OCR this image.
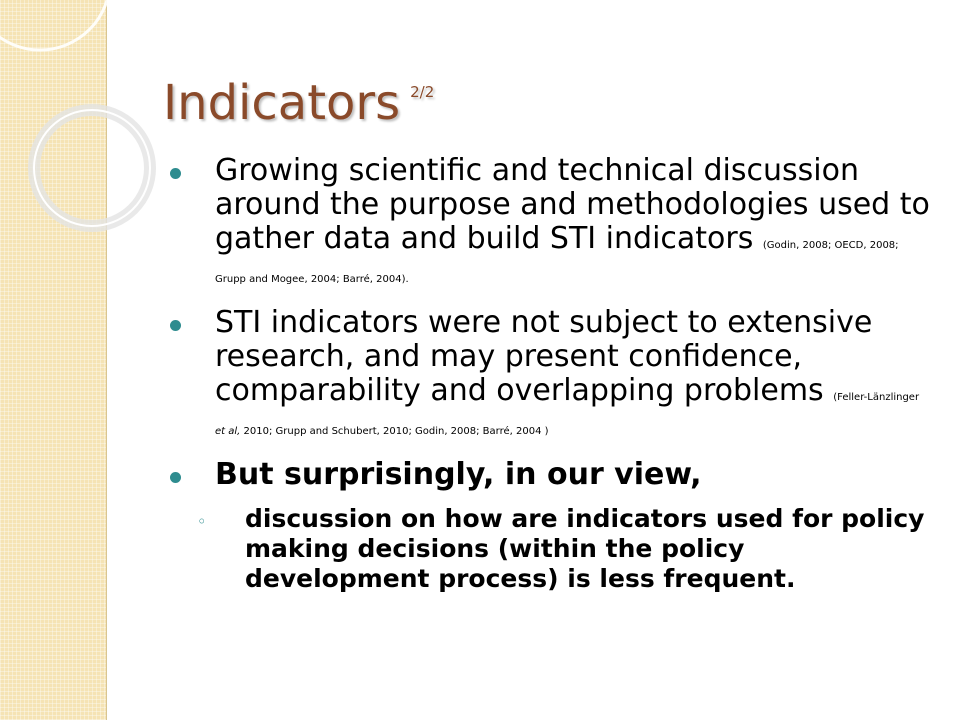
Indicators $^{2/2}$
Growing scientific and technical discussion around the purpose and methodologies used to gather data and build STI indicators (Godin, 2008; OECD, 2008; Grupp and Mogee, 2004; Barré, 2004).
STI indicators were not subject to extensive research, and may present confidence, comparability and overlapping problems (Feller-Länzlinger et al, 2010; Grupp and Schubert, 2010; Godin, 2008; Barré, 2004 )
But surprisingly, in our view,
◦ discussion on how are indicators used for policy making decisions (within the policy development process) is less frequent.
